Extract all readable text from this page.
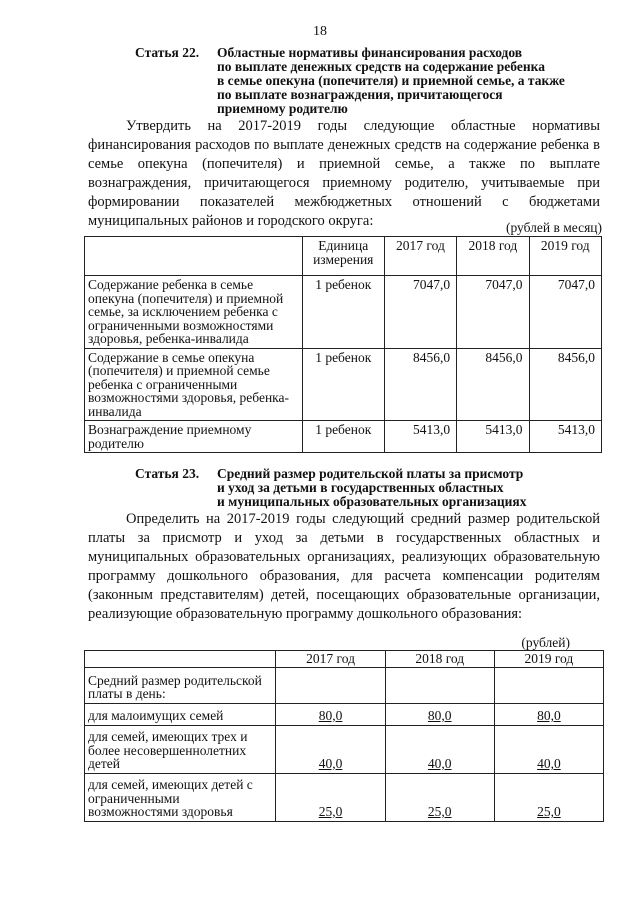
18
Статья 22. Областные нормативы финансирования расходов
по выплате денежных средств на содержание ребенка
в семье опекуна (попечителя) и приемной семье, а также
по выплате вознаграждения, причитающегося
приемному родителю
Утвердить на 2017-2019 годы следующие областные нормативы финансирования расходов по выплате денежных средств на содержание ребенка в семье опекуна (попечителя) и приемной семье, а также по выплате вознаграждения, причитающегося приемному родителю, учитываемые при формировании показателей межбюджетных отношений с бюджетами муниципальных районов и городского округа:	(рублей в месяц)
	Единица измерения	2017 год	2018 год	2019 год
Содержание ребенка в семье опекуна (попечителя) и приемной семье, за исключением ребенка с ограниченными возможностями здоровья, ребенка-инвалида	1 ребенок	7047,0	7047,0	7047,0
Содержание в семье опекуна (попечителя) и приемной семье ребенка с ограниченными возможностями здоровья, ребенка-инвалида	1 ребенок	8456,0	8456,0	8456,0
Вознаграждение приемному родителю	1 ребенок	5413,0	5413,0	5413,0
Статья 23. Средний размер родительской платы за присмотр
и уход за детьми в государственных областных
и муниципальных образовательных организациях
Определить на 2017-2019 годы следующий средний размер родительской платы за присмотр и уход за детьми в государственных областных и муниципальных образовательных организациях, реализующих образовательную программу дошкольного образования, для расчета компенсации родителям (законным представителям) детей, посещающих образовательные организации, реализующие образовательную программу дошкольного образования:
(рублей)
	2017 год	2018 год	2019 год
Средний размер родительской платы в день:			
для малоимущих семей	80,0	80,0	80,0
для семей, имеющих трех и более несовершеннолетних детей	40,0	40,0	40,0
для семей, имеющих детей с ограниченными возможностями здоровья	25,0	25,0	25,0
